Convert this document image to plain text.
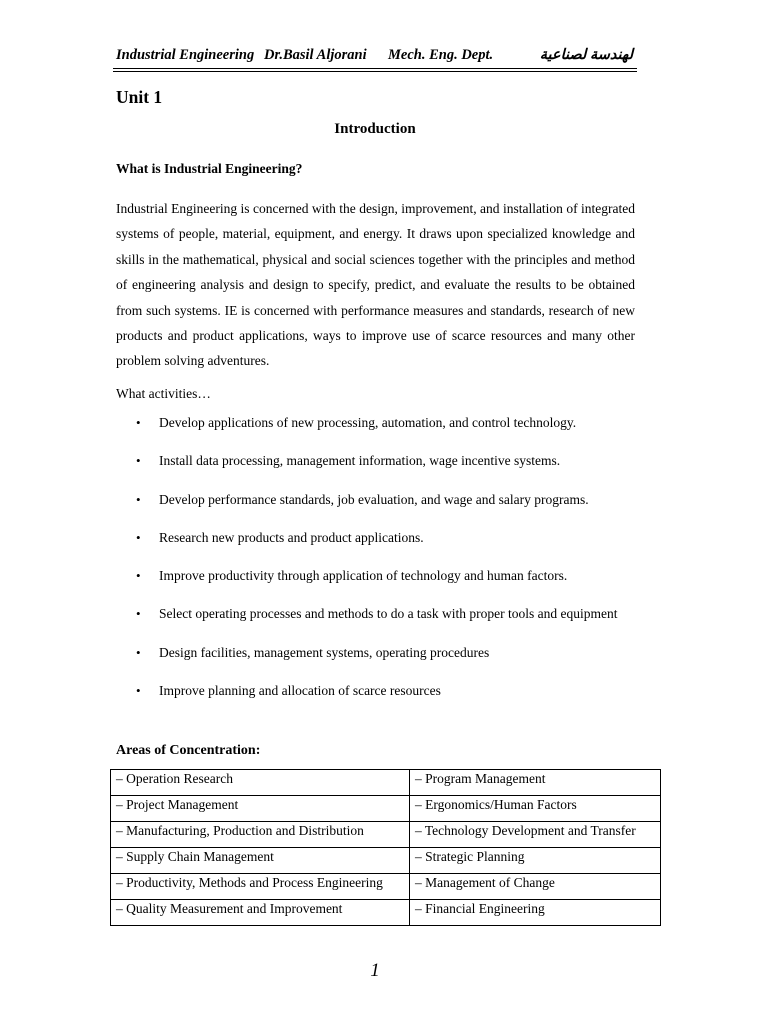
Industrial Engineering Dr.Basil Aljorani Mech. Eng. Dept.	لهندسة لصناعية
Unit 1
Introduction
What is Industrial Engineering?

Industrial Engineering is concerned with the design, improvement, and installation of integrated systems of people, material, equipment, and energy. It draws upon specialized knowledge and skills in the mathematical, physical and social sciences together with the principles and method of engineering analysis and design to specify, predict, and evaluate the results to be obtained from such systems. IE is concerned with performance measures and standards, research of new products and product applications, ways to improve use of scarce resources and many other problem solving adventures.

What activities…
• Develop applications of new processing, automation, and control technology.
• Install data processing, management information, wage incentive systems.
• Develop performance standards, job evaluation, and wage and salary programs.
• Research new products and product applications.
• Improve productivity through application of technology and human factors.
• Select operating processes and methods to do a task with proper tools and equipment
• Design facilities, management systems, operating procedures
• Improve planning and allocation of scarce resources
Areas of Concentration:
– Operation Research	– Program Management
– Project Management	– Ergonomics/Human Factors
– Manufacturing, Production and Distribution	– Technology Development and Transfer
– Supply Chain Management	– Strategic Planning
– Productivity, Methods and Process Engineering	– Management of Change
– Quality Measurement and Improvement	– Financial Engineering
1
